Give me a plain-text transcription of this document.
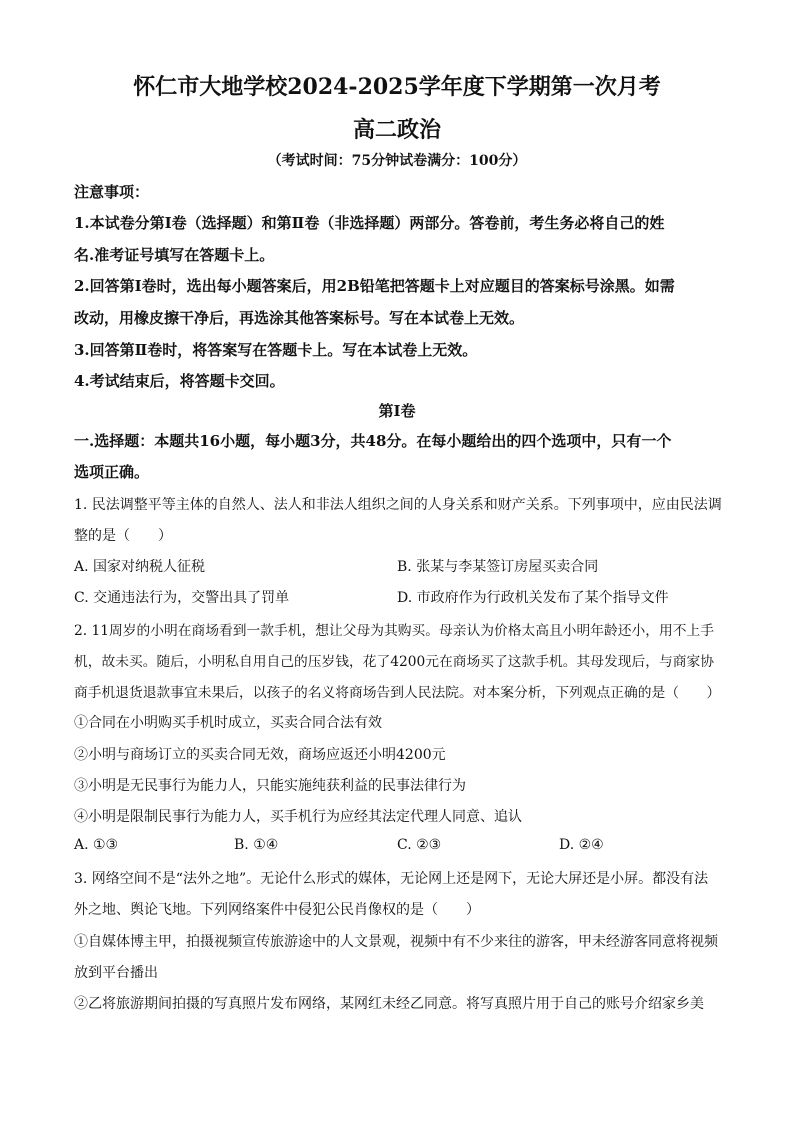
怀仁市大地学校2024-2025学年度下学期第一次月考
高二政治
（考试时间：75分钟试卷满分：100分）
注意事项：
1.本试卷分第Ⅰ卷（选择题）和第Ⅱ卷（非选择题）两部分。答卷前，考生务必将自己的姓
名.准考证号填写在答题卡上。
2.回答第Ⅰ卷时，选出每小题答案后，用2B铅笔把答题卡上对应题目的答案标号涂黑。如需
改动，用橡皮擦干净后，再选涂其他答案标号。写在本试卷上无效。
3.回答第Ⅱ卷时，将答案写在答题卡上。写在本试卷上无效。
4.考试结束后，将答题卡交回。
第Ⅰ卷
一.选择题：本题共16小题，每小题3分，共48分。在每小题给出的四个选项中，只有一个
选项正确。
1. 民法调整平等主体的自然人、法人和非法人组织之间的人身关系和财产关系。下列事项中，应由民法调
整的是（　　）
A. 国家对纳税人征税	B. 张某与李某签订房屋买卖合同
C. 交通违法行为，交警出具了罚单	D. 市政府作为行政机关发布了某个指导文件
2. 11周岁的小明在商场看到一款手机，想让父母为其购买。母亲认为价格太高且小明年龄还小，用不上手
机，故未买。随后，小明私自用自己的压岁钱，花了4200元在商场买了这款手机。其母发现后，与商家协
商手机退货退款事宜未果后，以孩子的名义将商场告到人民法院。对本案分析，下列观点正确的是（　　）
①合同在小明购买手机时成立，买卖合同合法有效
②小明与商场订立的买卖合同无效，商场应返还小明4200元
③小明是无民事行为能力人，只能实施纯获利益的民事法律行为
④小明是限制民事行为能力人，买手机行为应经其法定代理人同意、追认
A. ①③	B. ①④	C. ②③	D. ②④
3. 网络空间不是“法外之地”。无论什么形式的媒体，无论网上还是网下，无论大屏还是小屏。都没有法
外之地、舆论飞地。下列网络案件中侵犯公民肖像权的是（　　）
①自媒体博主甲，拍摄视频宣传旅游途中的人文景观，视频中有不少来往的游客，甲未经游客同意将视频
放到平台播出
②乙将旅游期间拍摄的写真照片发布网络，某网红未经乙同意。将写真照片用于自己的账号介绍家乡美
